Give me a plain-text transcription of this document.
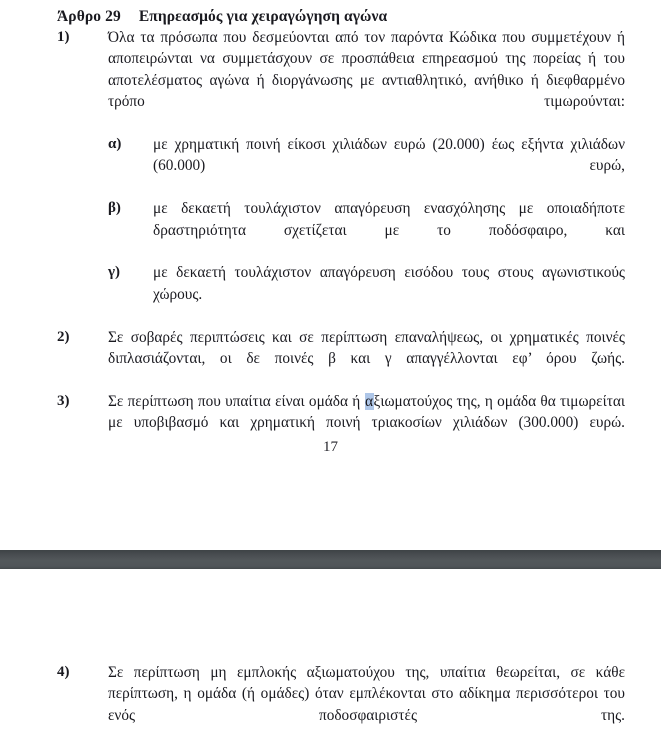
Άρθρο 29 Επηρεασμός για χειραγώγηση αγώνα
1)	Όλα τα πρόσωπα που δεσμεύονται από τον παρόντα Κώδικα που συμμετέχουν ή αποπειρώνται να συμμετάσχουν σε προσπάθεια επηρεασμού της πορείας ή του αποτελέσματος αγώνα ή διοργάνωσης με αντιαθλητικό, ανήθικο ή διεφθαρμένο τρόπο τιμωρούνται:
α) με χρηματική ποινή είκοσι χιλιάδων ευρώ (20.000) έως εξήντα χιλιάδων (60.000) ευρώ,
β) με δεκαετή τουλάχιστον απαγόρευση ενασχόλησης με οποιαδήποτε δραστηριότητα σχετίζεται με το ποδόσφαιρο, και
γ) με δεκαετή τουλάχιστον απαγόρευση εισόδου τους στους αγωνιστικούς χώρους.
2)	Σε σοβαρές περιπτώσεις και σε περίπτωση επαναλήψεως, οι χρηματικές ποινές διπλασιάζονται, οι δε ποινές β και γ απαγγέλλονται εφ’ όρου ζωής.
3)	Σε περίπτωση που υπαίτια είναι ομάδα ή αξιωματούχος της, η ομάδα θα τιμωρείται με υποβιβασμό και χρηματική ποινή τριακοσίων χιλιάδων (300.000) ευρώ.
17
4)	Σε περίπτωση μη εμπλοκής αξιωματούχου της, υπαίτια θεωρείται, σε κάθε περίπτωση, η ομάδα (ή ομάδες) όταν εμπλέκονται στο αδίκημα περισσότεροι του ενός ποδοσφαιριστές της.
